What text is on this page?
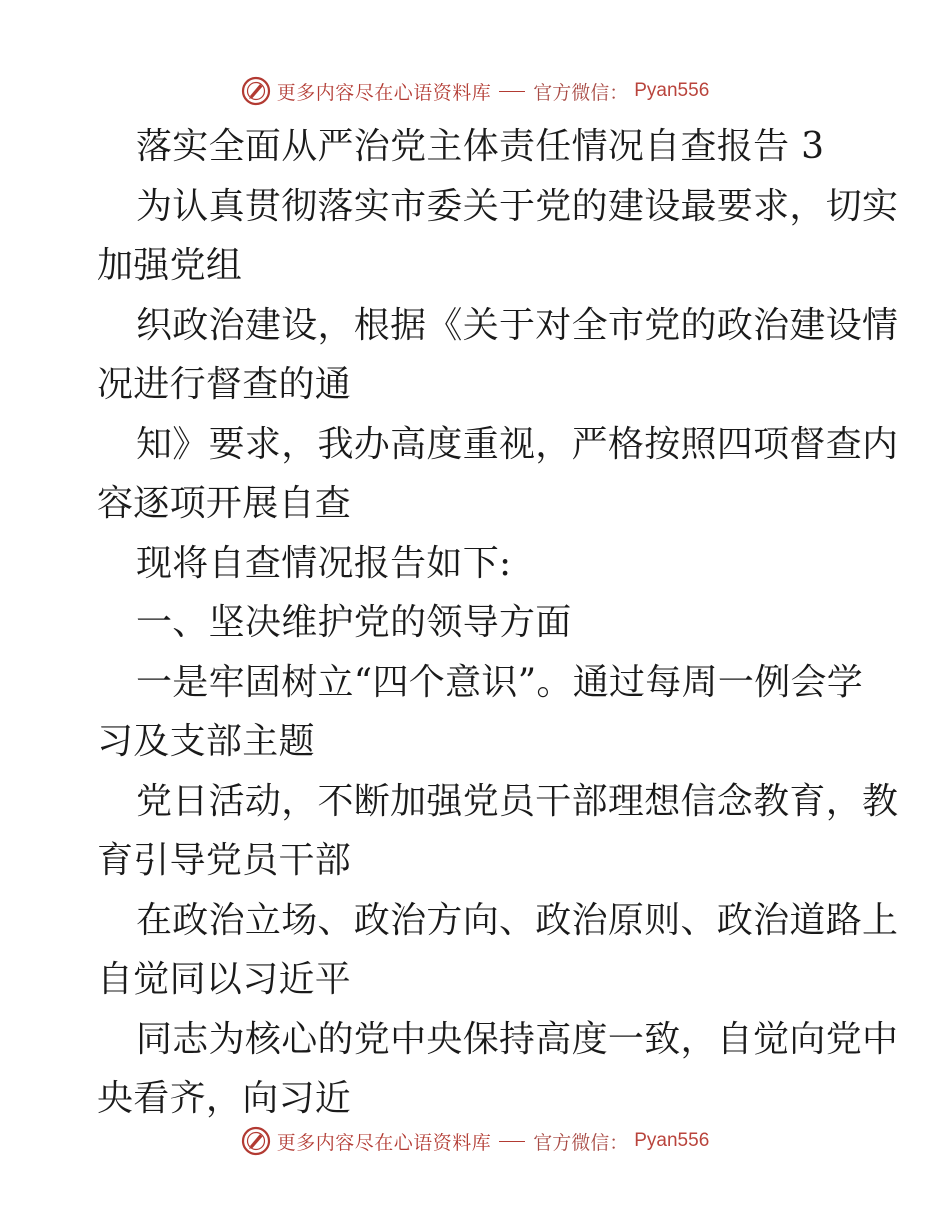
更多内容尽在心语资料库 官方微信： Pyan556
落实全面从严治党主体责任情况自查报告 3
为认真贯彻落实市委关于党的建设最要求，切实
加强党组
织政治建设，根据《关于对全市党的政治建设情
况进行督查的通
知》要求，我办高度重视，严格按照四项督查内
容逐项开展自查
现将自查情况报告如下:
一、坚决维护党的领导方面
一是牢固树立“四个意识”。通过每周一例会学
习及支部主题
党日活动，不断加强党员干部理想信念教育，教
育引导党员干部
在政治立场、政治方向、政治原则、政治道路上
自觉同以习近平
同志为核心的党中央保持高度一致，自觉向党中
央看齐，向习近
更多内容尽在心语资料库 官方微信： Pyan556
